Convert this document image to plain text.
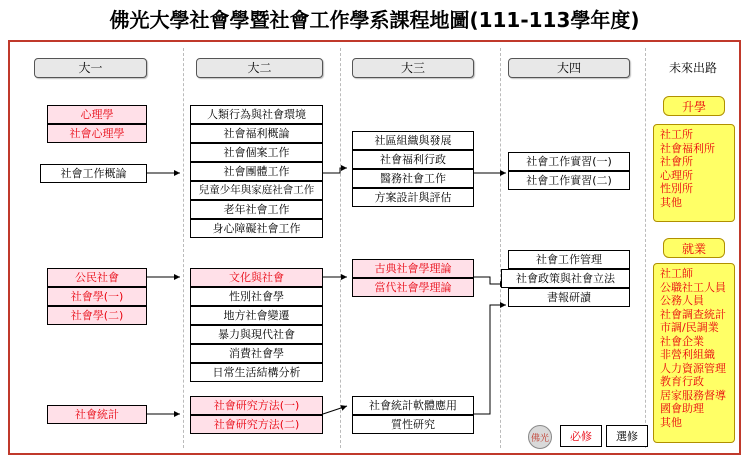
佛光大學社會學暨社會工作學系課程地圖(111-113學年度)
大一	大二	大三	大四	未來出路
心理學
社會心理學
社會工作概論
公民社會
社會學(一)
社會學(二)
社會統計
人類行為與社會環境
社會福利概論
社會個案工作
社會團體工作
兒童少年與家庭社會工作
老年社會工作
身心障礙社會工作
文化與社會
性別社會學
地方社會變遷
暴力與現代社會
消費社會學
日常生活結構分析
社會研究方法(一)
社會研究方法(二)
社區組織與發展
社會福利行政
醫務社會工作
方案設計與評估
古典社會學理論
當代社會學理論
社會統計軟體應用
質性研究
社會工作實習(一)
社會工作實習(二)
社會工作管理
社會政策與社會立法
書報研讀
升學
社工所
社會福利所
社會所
心理所
性別所
其他
就業
社工師
公職社工人員
公務人員
社會調查統計
市調/民調業
社會企業
非營利組織
人力資源管理
教育行政
居家服務督導
國會助理
其他
佛光	必修	選修
